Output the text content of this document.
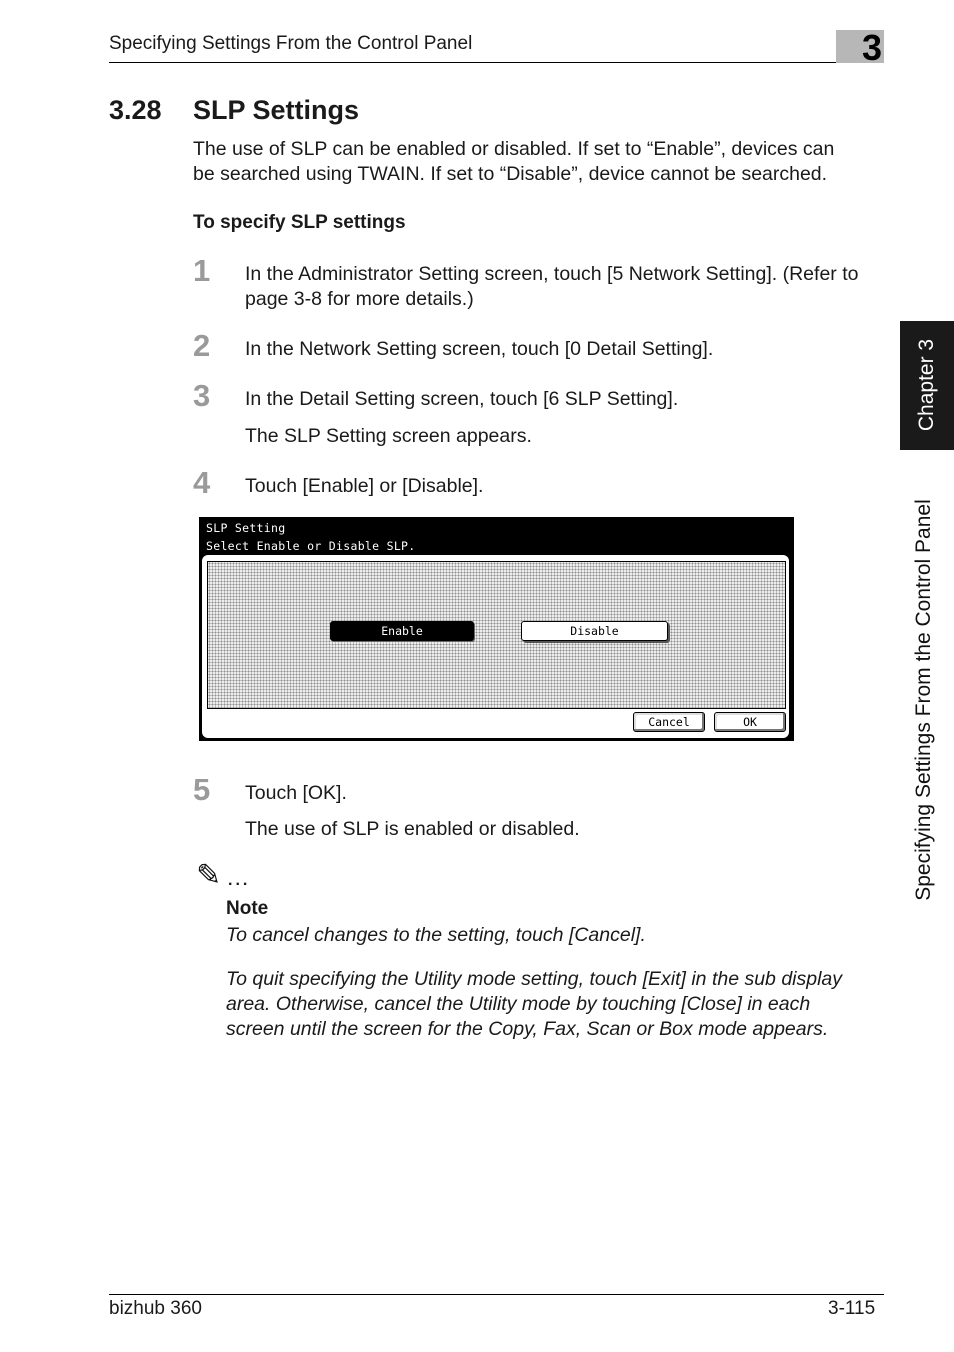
Specifying Settings From the Control Panel	3
Chapter 3
Specifying Settings From the Control Panel
3.28 SLP Settings
The use of SLP can be enabled or disabled. If set to “Enable”, devices can
be searched using TWAIN. If set to “Disable”, device cannot be searched.
To specify SLP settings
1 In the Administrator Setting screen, touch [5 Network Setting]. (Refer to
page 3-8 for more details.)
2 In the Network Setting screen, touch [0 Detail Setting].
3 In the Detail Setting screen, touch [6 SLP Setting].
The SLP Setting screen appears.
4 Touch [Enable] or [Disable].
SLP Setting
Select Enable or Disable SLP.
Enable	Disable
Cancel	OK
5 Touch [OK].
The use of SLP is enabled or disabled.
✎ ...
Note
To cancel changes to the setting, touch [Cancel].
To quit specifying the Utility mode setting, touch [Exit] in the sub display
area. Otherwise, cancel the Utility mode by touching [Close] in each
screen until the screen for the Copy, Fax, Scan or Box mode appears.
bizhub 360	3-115
